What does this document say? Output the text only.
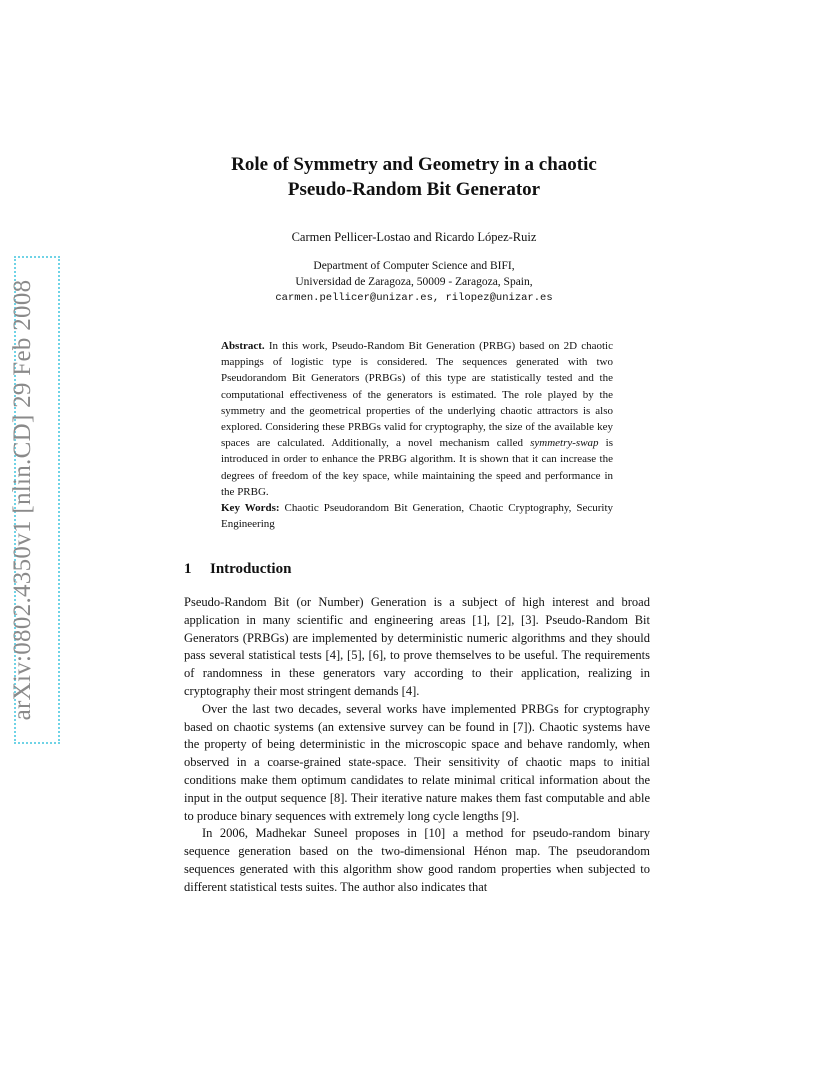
arXiv:0802.4350v1 [nlin.CD] 29 Feb 2008
Role of Symmetry and Geometry in a chaotic
Pseudo-Random Bit Generator
Carmen Pellicer-Lostao and Ricardo López-Ruiz
Department of Computer Science and BIFI,
Universidad de Zaragoza, 50009 - Zaragoza, Spain,
carmen.pellicer@unizar.es, rilopez@unizar.es

Abstract. In this work, Pseudo-Random Bit Generation (PRBG) based on 2D chaotic mappings of logistic type is considered. The sequences generated with two Pseudorandom Bit Generators (PRBGs) of this type are statistically tested and the computational effectiveness of the generators is estimated. The role played by the symmetry and the geometrical properties of the underlying chaotic attractors is also explored. Considering these PRBGs valid for cryptography, the size of the available key spaces are calculated. Additionally, a novel mechanism called symmetry-swap is introduced in order to enhance the PRBG algorithm. It is shown that it can increase the degrees of freedom of the key space, while maintaining the speed and performance in the PRBG.

Key Words: Chaotic Pseudorandom Bit Generation, Chaotic Cryptography, Security Engineering

1 Introduction

Pseudo-Random Bit (or Number) Generation is a subject of high interest and broad application in many scientific and engineering areas [1], [2], [3]. Pseudo-Random Bit Generators (PRBGs) are implemented by deterministic numeric algorithms and they should pass several statistical tests [4], [5], [6], to prove themselves to be useful. The requirements of randomness in these generators vary according to their application, realizing in cryptography their most stringent demands [4].

Over the last two decades, several works have implemented PRBGs for cryptography based on chaotic systems (an extensive survey can be found in [7]). Chaotic systems have the property of being deterministic in the microscopic space and behave randomly, when observed in a coarse-grained state-space. Their sensitivity of chaotic maps to initial conditions make them optimum candidates to relate minimal critical information about the input in the output sequence [8]. Their iterative nature makes them fast computable and able to produce binary sequences with extremely long cycle lengths [9].

In 2006, Madhekar Suneel proposes in [10] a method for pseudo-random binary sequence generation based on the two-dimensional Hénon map. The pseudorandom sequences generated with this algorithm show good random properties when subjected to different statistical tests suites. The author also indicates that
